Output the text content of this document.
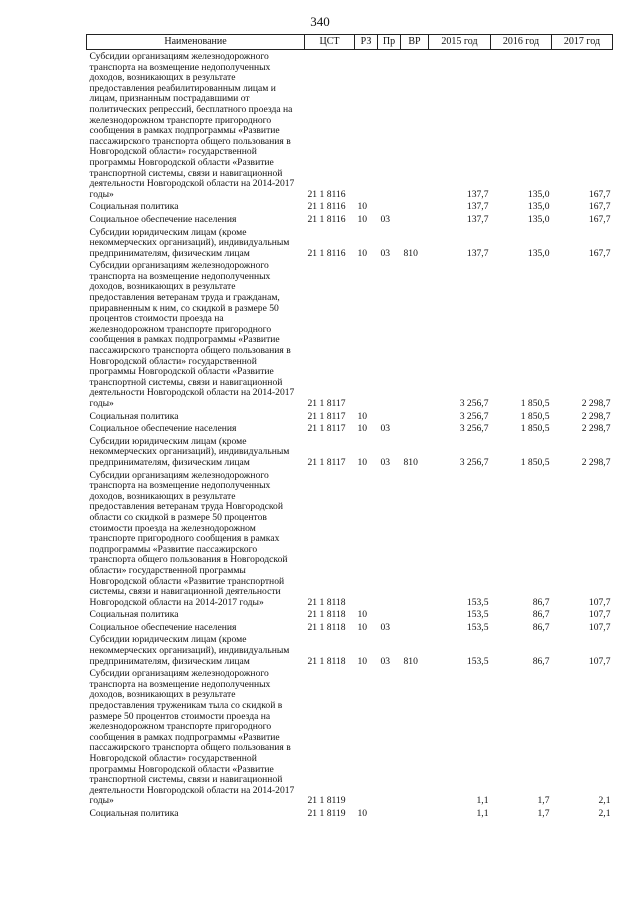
340
Наименование	ЦСТ	РЗ	Пр	ВР	2015 год	2016 год	2017 год
Субсидии организациям железнодорожного транспорта на возмещение недополученных доходов, возникающих в результате предоставления реабилитированным лицам и лицам, признанным пострадавшими от политических репрессий, бесплатного проезда на железнодорожном транспорте пригородного сообщения в рамках подпрограммы «Развитие пассажирского транспорта общего пользования в Новгородской области» государственной программы Новгородской области «Развитие транспортной системы, связи и навигационной деятельности Новгородской области на 2014-2017 годы»	21 1 8116				137,7	135,0	167,7
Социальная политика	21 1 8116	10			137,7	135,0	167,7
Социальное обеспечение населения	21 1 8116	10	03		137,7	135,0	167,7
Субсидии юридическим лицам (кроме некоммерческих организаций), индивидуальным предпринимателям, физическим лицам	21 1 8116	10	03	810	137,7	135,0	167,7
Субсидии организациям железнодорожного транспорта на возмещение недополученных доходов, возникающих в результате предоставления ветеранам труда и гражданам, приравненным к ним, со скидкой в размере 50 процентов стоимости проезда на железнодорожном транспорте пригородного сообщения в рамках подпрограммы «Развитие пассажирского транспорта общего пользования в Новгородской области» государственной программы Новгородской области «Развитие транспортной системы, связи и навигационной деятельности Новгородской области на 2014-2017 годы»	21 1 8117				3 256,7	1 850,5	2 298,7
Социальная политика	21 1 8117	10			3 256,7	1 850,5	2 298,7
Социальное обеспечение населения	21 1 8117	10	03		3 256,7	1 850,5	2 298,7
Субсидии юридическим лицам (кроме некоммерческих организаций), индивидуальным предпринимателям, физическим лицам	21 1 8117	10	03	810	3 256,7	1 850,5	2 298,7
Субсидии организациям железнодорожного транспорта на возмещение недополученных доходов, возникающих в результате предоставления ветеранам труда Новгородской области со скидкой в размере 50 процентов стоимости проезда на железнодорожном транспорте пригородного сообщения в рамках подпрограммы «Развитие пассажирского транспорта общего пользования в Новгородской области» государственной программы Новгородской области «Развитие транспортной системы, связи и навигационной деятельности Новгородской области на 2014-2017 годы»	21 1 8118				153,5	86,7	107,7
Социальная политика	21 1 8118	10			153,5	86,7	107,7
Социальное обеспечение населения	21 1 8118	10	03		153,5	86,7	107,7
Субсидии юридическим лицам (кроме некоммерческих организаций), индивидуальным предпринимателям, физическим лицам	21 1 8118	10	03	810	153,5	86,7	107,7
Субсидии организациям железнодорожного транспорта на возмещение недополученных доходов, возникающих в результате предоставления труженикам тыла со скидкой в размере 50 процентов стоимости проезда на железнодорожном транспорте пригородного сообщения в рамках подпрограммы «Развитие пассажирского транспорта общего пользования в Новгородской области» государственной программы Новгородской области «Развитие транспортной системы, связи и навигационной деятельности Новгородской области на 2014-2017 годы»	21 1 8119				1,1	1,7	2,1
Социальная политика	21 1 8119	10			1,1	1,7	2,1
